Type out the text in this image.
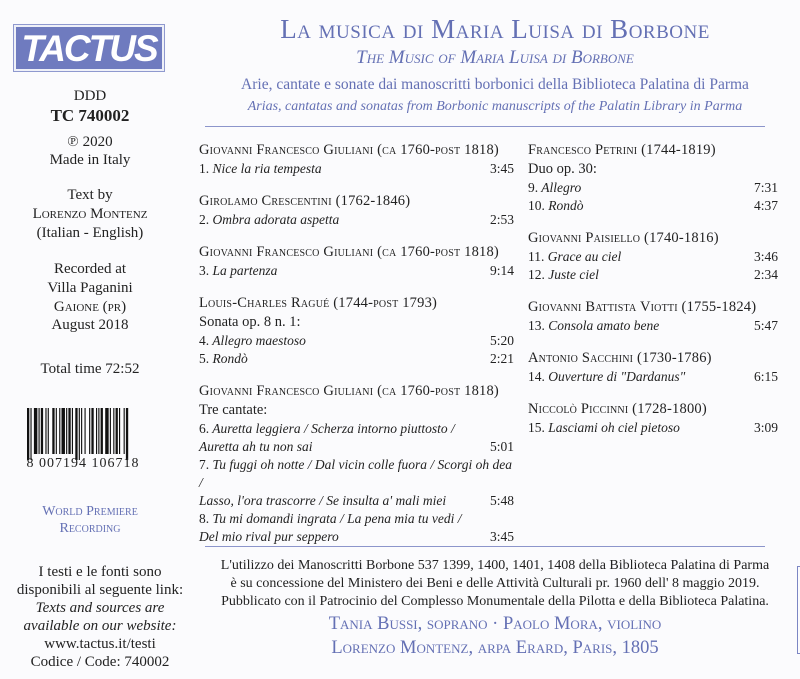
TACTUS
DDD
TC 740002
℗ 2020
Made in Italy
Text by
Lorenzo Montenz
(Italian - English)
Recorded at
Villa Paganini
Gaione (pr)
August 2018
Total time 72:52
8 007194 106718
World Premiere
Recording
I testi e le fonti sono
disponibili al seguente link:
Texts and sources are
available on our website:
www.tactus.it/testi
Codice / Code: 740002
La musica di Maria Luisa di Borbone
The Music of Maria Luisa di Borbone
Arie, cantate e sonate dai manoscritti borbonici della Biblioteca Palatina di Parma
Arias, cantatas and sonatas from Borbonic manuscripts of the Palatin Library in Parma
Giovanni Francesco Giuliani (ca 1760-post 1818)
1. Nice la ria tempesta	3:45
Girolamo Crescentini (1762-1846)
2. Ombra adorata aspetta	2:53
Giovanni Francesco Giuliani (ca 1760-post 1818)
3. La partenza	9:14
Louis-Charles Ragué (1744-post 1793)
Sonata op. 8 n. 1:
4. Allegro maestoso	5:20
5. Rondò	2:21
Giovanni Francesco Giuliani (ca 1760-post 1818)
Tre cantate:
6. Auretta leggiera / Scherza intorno piuttosto /
Auretta ah tu non sai	5:01
7. Tu fuggi oh notte / Dal vicin colle fuora / Scorgi oh dea /
Lasso, l'ora trascorre / Se insulta a' mali miei	5:48
8. Tu mi domandi ingrata / La pena mia tu vedi /
Del mio rival pur seppero	3:45
Francesco Petrini (1744-1819)
Duo op. 30:
9. Allegro	7:31
10. Rondò	4:37
Giovanni Paisiello (1740-1816)
11. Grace au ciel	3:46
12. Juste ciel	2:34
Giovanni Battista Viotti (1755-1824)
13. Consola amato bene	5:47
Antonio Sacchini (1730-1786)
14. Ouverture di "Dardanus"	6:15
Niccolò Piccinni (1728-1800)
15. Lasciami oh ciel pietoso	3:09
L'utilizzo dei Manoscritti Borbone 537 1399, 1400, 1401, 1408 della Biblioteca Palatina di Parma
è su concessione del Ministero dei Beni e delle Attività Culturali pr. 1960 dell' 8 maggio 2019.
Pubblicato con il Patrocinio del Complesso Monumentale della Pilotta e della Biblioteca Palatina.
Tania Bussi, soprano · Paolo Mora, violino
Lorenzo Montenz, arpa Erard, Paris, 1805
